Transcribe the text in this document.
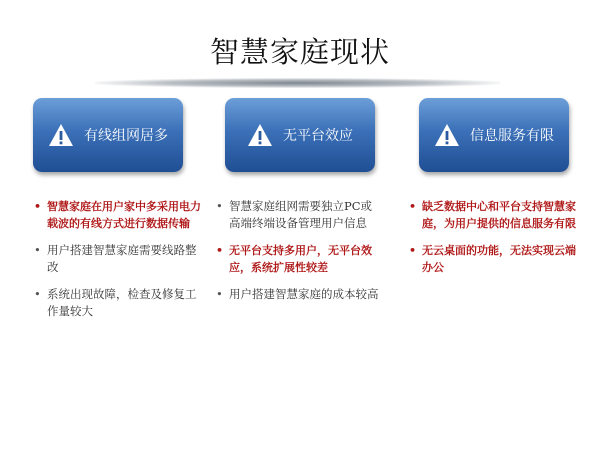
智慧家庭现状
有线组网居多	无平台效应	信息服务有限
• 智慧家庭在用户家中多采用电力载波的有线方式进行数据传输
• 用户搭建智慧家庭需要线路整改
• 系统出现故障，检查及修复工作量较大
• 智慧家庭组网需要独立PC或高端终端设备管理用户信息
• 无平台支持多用户，无平台效应，系统扩展性较差
• 用户搭建智慧家庭的成本较高
• 缺乏数据中心和平台支持智慧家庭，为用户提供的信息服务有限
• 无云桌面的功能，无法实现云端办公
